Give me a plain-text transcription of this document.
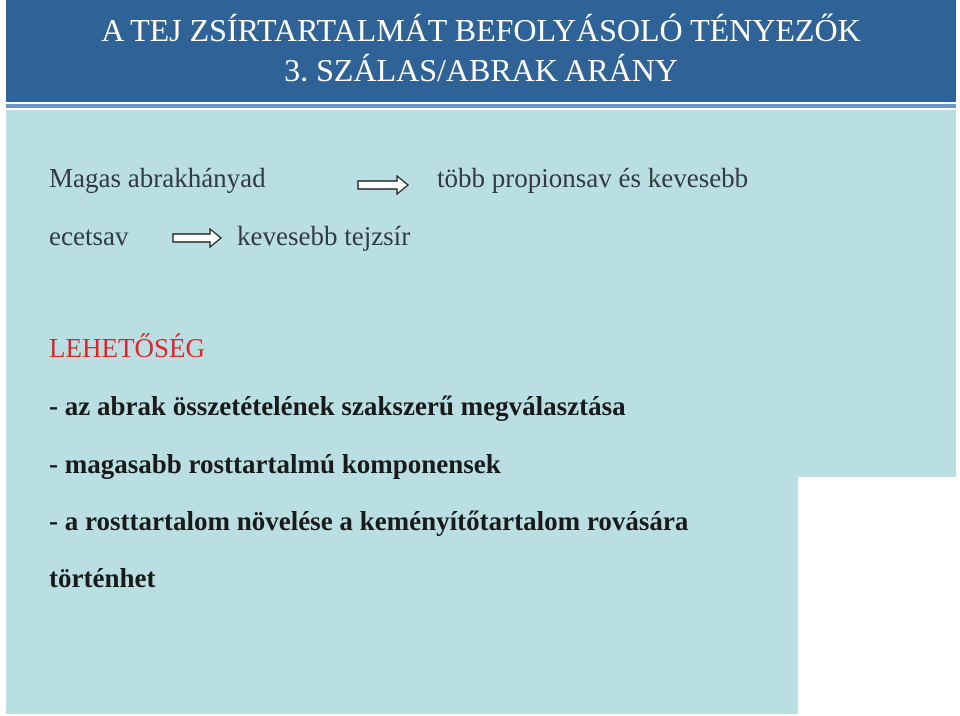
A TEJ ZSÍRTARTALMÁT BEFOLYÁSOLÓ TÉNYEZŐK
3. SZÁLAS/ABRAK ARÁNY
Magas abrakhányad	több propionsav és kevesebb
ecetsav	kevesebb tejzsír
LEHETŐSÉG
- az abrak összetételének szakszerű megválasztása
- magasabb rosttartalmú komponensek
- a rosttartalom növelése a keményítőtartalom rovására
történhet
